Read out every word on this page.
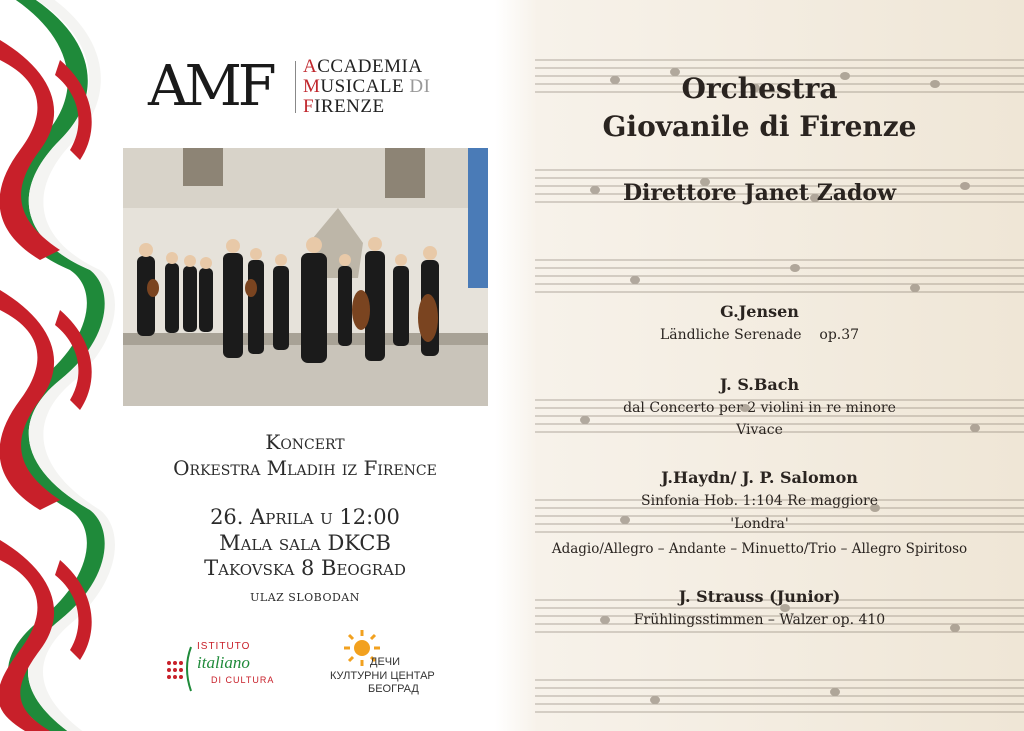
AMF ACCADEMIA
MUSICALE DI
FIRENZE
Koncert
Orkestra Mladih iz Firence
26. Aprila u 12:00
Mala sala DKCB
Takovska 8 Beograd
ULAZ SLOBODAN
ISTITUTO
italiano
DI CULTURA
ДЕЧИ
КУЛТУРНИ ЦЕНТАР
БЕОГРАД
Orchestra
Giovanile di Firenze
Direttore Janet Zadow
G.Jensen
Ländliche Serenade    op.37
J. S.Bach
dal Concerto per 2 violini in re minore
Vivace
J.Haydn/ J. P. Salomon
Sinfonia Hob. 1:104 Re maggiore
'Londra'
Adagio/Allegro – Andante – Minuetto/Trio – Allegro Spiritoso
J. Strauss (Junior)
Frühlingsstimmen – Walzer op. 410
